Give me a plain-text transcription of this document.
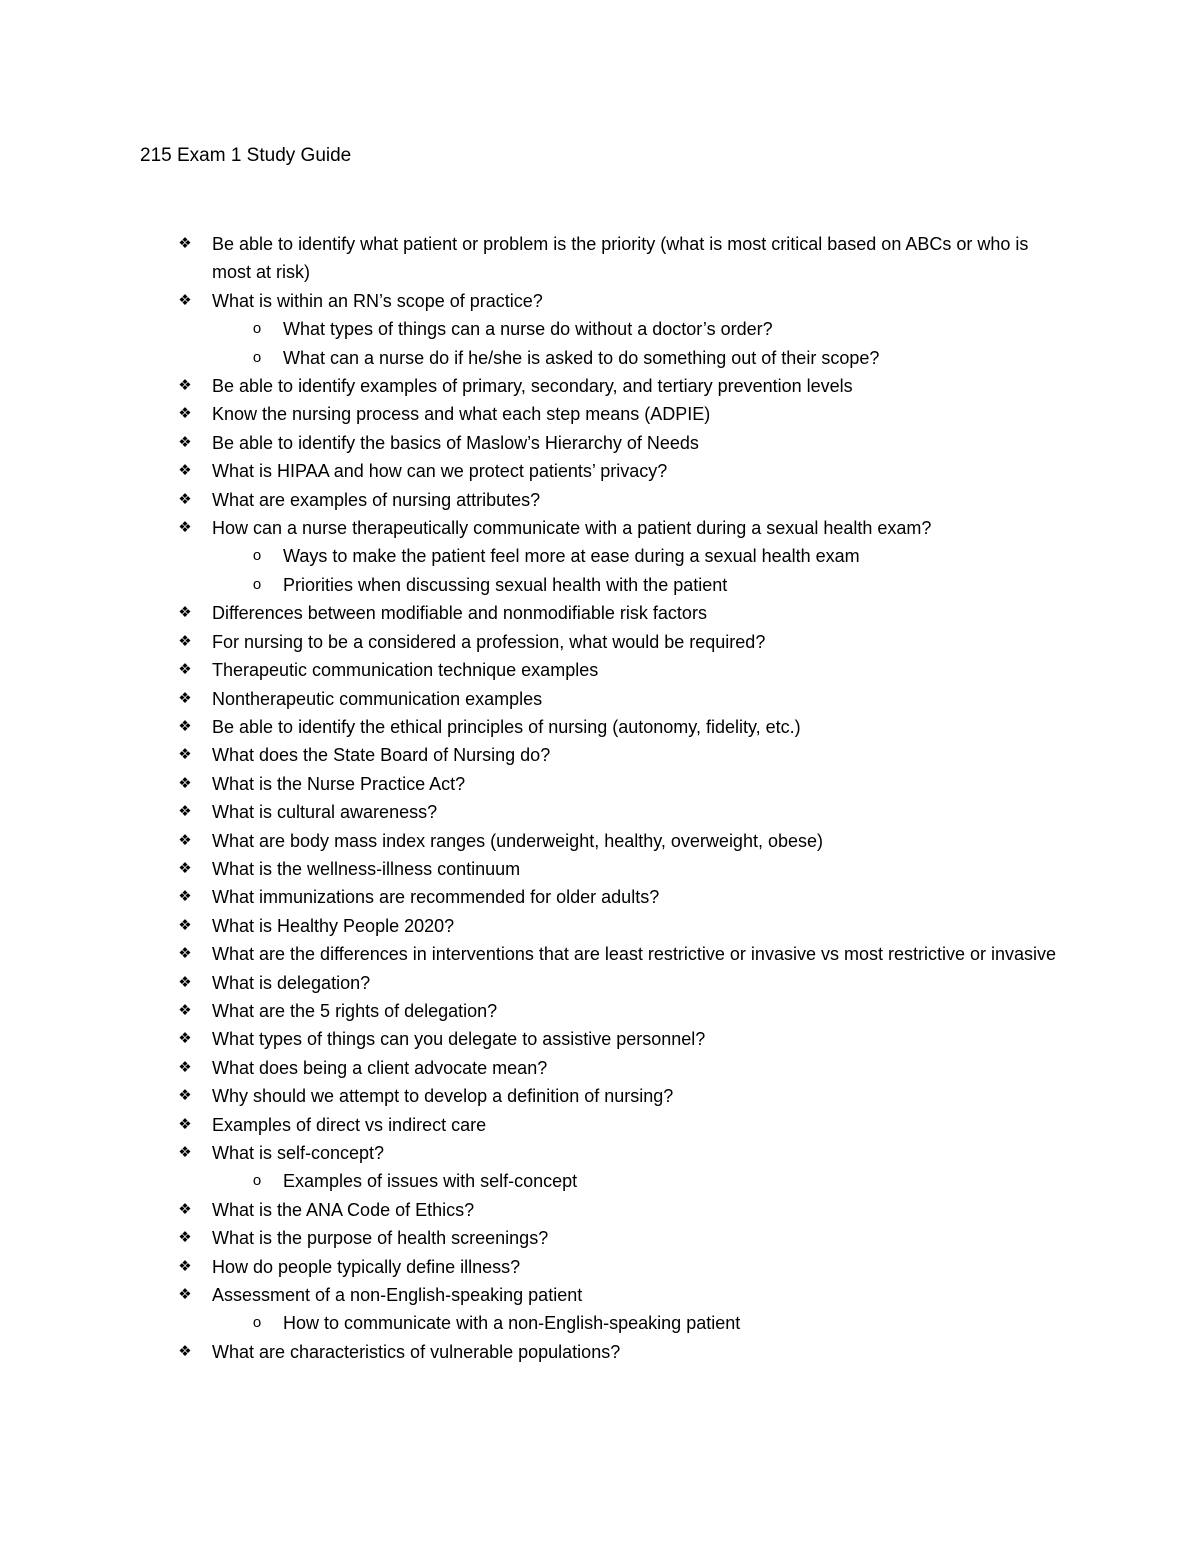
215 Exam 1 Study Guide
❖ Be able to identify what patient or problem is the priority (what is most critical based on ABCs or who is most at risk)
❖ What is within an RN’s scope of practice?
o	What types of things can a nurse do without a doctor’s order?
o	What can a nurse do if he/she is asked to do something out of their scope?
❖ Be able to identify examples of primary, secondary, and tertiary prevention levels
❖ Know the nursing process and what each step means (ADPIE)
❖ Be able to identify the basics of Maslow’s Hierarchy of Needs
❖ What is HIPAA and how can we protect patients’ privacy?
❖ What are examples of nursing attributes?
❖ How can a nurse therapeutically communicate with a patient during a sexual health exam?
o	Ways to make the patient feel more at ease during a sexual health exam
o	Priorities when discussing sexual health with the patient
❖ Differences between modifiable and nonmodifiable risk factors
❖ For nursing to be a considered a profession, what would be required?
❖ Therapeutic communication technique examples
❖ Nontherapeutic communication examples
❖ Be able to identify the ethical principles of nursing (autonomy, fidelity, etc.)
❖ What does the State Board of Nursing do?
❖ What is the Nurse Practice Act?
❖ What is cultural awareness?
❖ What are body mass index ranges (underweight, healthy, overweight, obese)
❖ What is the wellness-illness continuum
❖ What immunizations are recommended for older adults?
❖ What is Healthy People 2020?
❖ What are the differences in interventions that are least restrictive or invasive vs most restrictive or invasive
❖ What is delegation?
❖ What are the 5 rights of delegation?
❖ What types of things can you delegate to assistive personnel?
❖ What does being a client advocate mean?
❖ Why should we attempt to develop a definition of nursing?
❖ Examples of direct vs indirect care
❖ What is self-concept?
o	Examples of issues with self-concept
❖ What is the ANA Code of Ethics?
❖ What is the purpose of health screenings?
❖ How do people typically define illness?
❖ Assessment of a non-English-speaking patient
o	How to communicate with a non-English-speaking patient
❖ What are characteristics of vulnerable populations?
